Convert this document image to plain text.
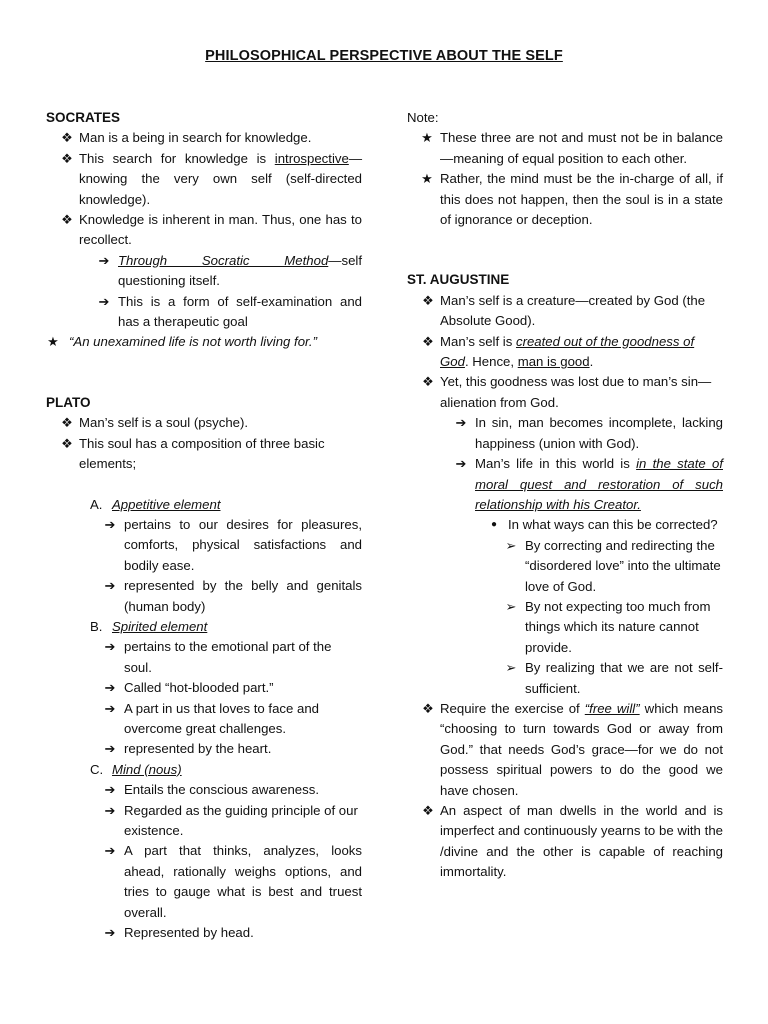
PHILOSOPHICAL PERSPECTIVE ABOUT THE SELF
SOCRATES
❖ Man is a being in search for knowledge.
❖ This search for knowledge is introspective—knowing the very own self (self-directed knowledge).
❖ Knowledge is inherent in man. Thus, one has to recollect.
➔ Through Socratic Method—self questioning itself.
➔ This is a form of self-examination and has a therapeutic goal
★ “An unexamined life is not worth living for.”
PLATO
❖ Man’s self is a soul (psyche).
❖ This soul has a composition of three basic elements;
A. Appetitive element
➔ pertains to our desires for pleasures, comforts, physical satisfactions and bodily ease.
➔ represented by the belly and genitals (human body)
B. Spirited element
➔ pertains to the emotional part of the soul.
➔ Called “hot-blooded part.”
➔ A part in us that loves to face and overcome great challenges.
➔ represented by the heart.
C. Mind (nous)
➔ Entails the conscious awareness.
➔ Regarded as the guiding principle of our existence.
➔ A part that thinks, analyzes, looks ahead, rationally weighs options, and tries to gauge what is best and truest overall.
➔ Represented by head.
Note:
★ These three are not and must not be in balance—meaning of equal position to each other.
★ Rather, the mind must be the in-charge of all, if this does not happen, then the soul is in a state of ignorance or deception.
ST. AUGUSTINE
❖ Man’s self is a creature—created by God (the Absolute Good).
❖ Man’s self is created out of the goodness of God. Hence, man is good.
❖ Yet, this goodness was lost due to man’s sin—alienation from God.
➔ In sin, man becomes incomplete, lacking happiness (union with God).
➔ Man’s life in this world is in the state of moral quest and restoration of such relationship with his Creator.
● In what ways can this be corrected?
➢ By correcting and redirecting the “disordered love” into the ultimate love of God.
➢ By not expecting too much from things which its nature cannot provide.
➢ By realizing that we are not self-sufficient.
❖ Require the exercise of “free will” which means “choosing to turn towards God or away from God.” that needs God’s grace—for we do not possess spiritual powers to do the good we have chosen.
❖ An aspect of man dwells in the world and is imperfect and continuously yearns to be with the /divine and the other is capable of reaching immortality.
